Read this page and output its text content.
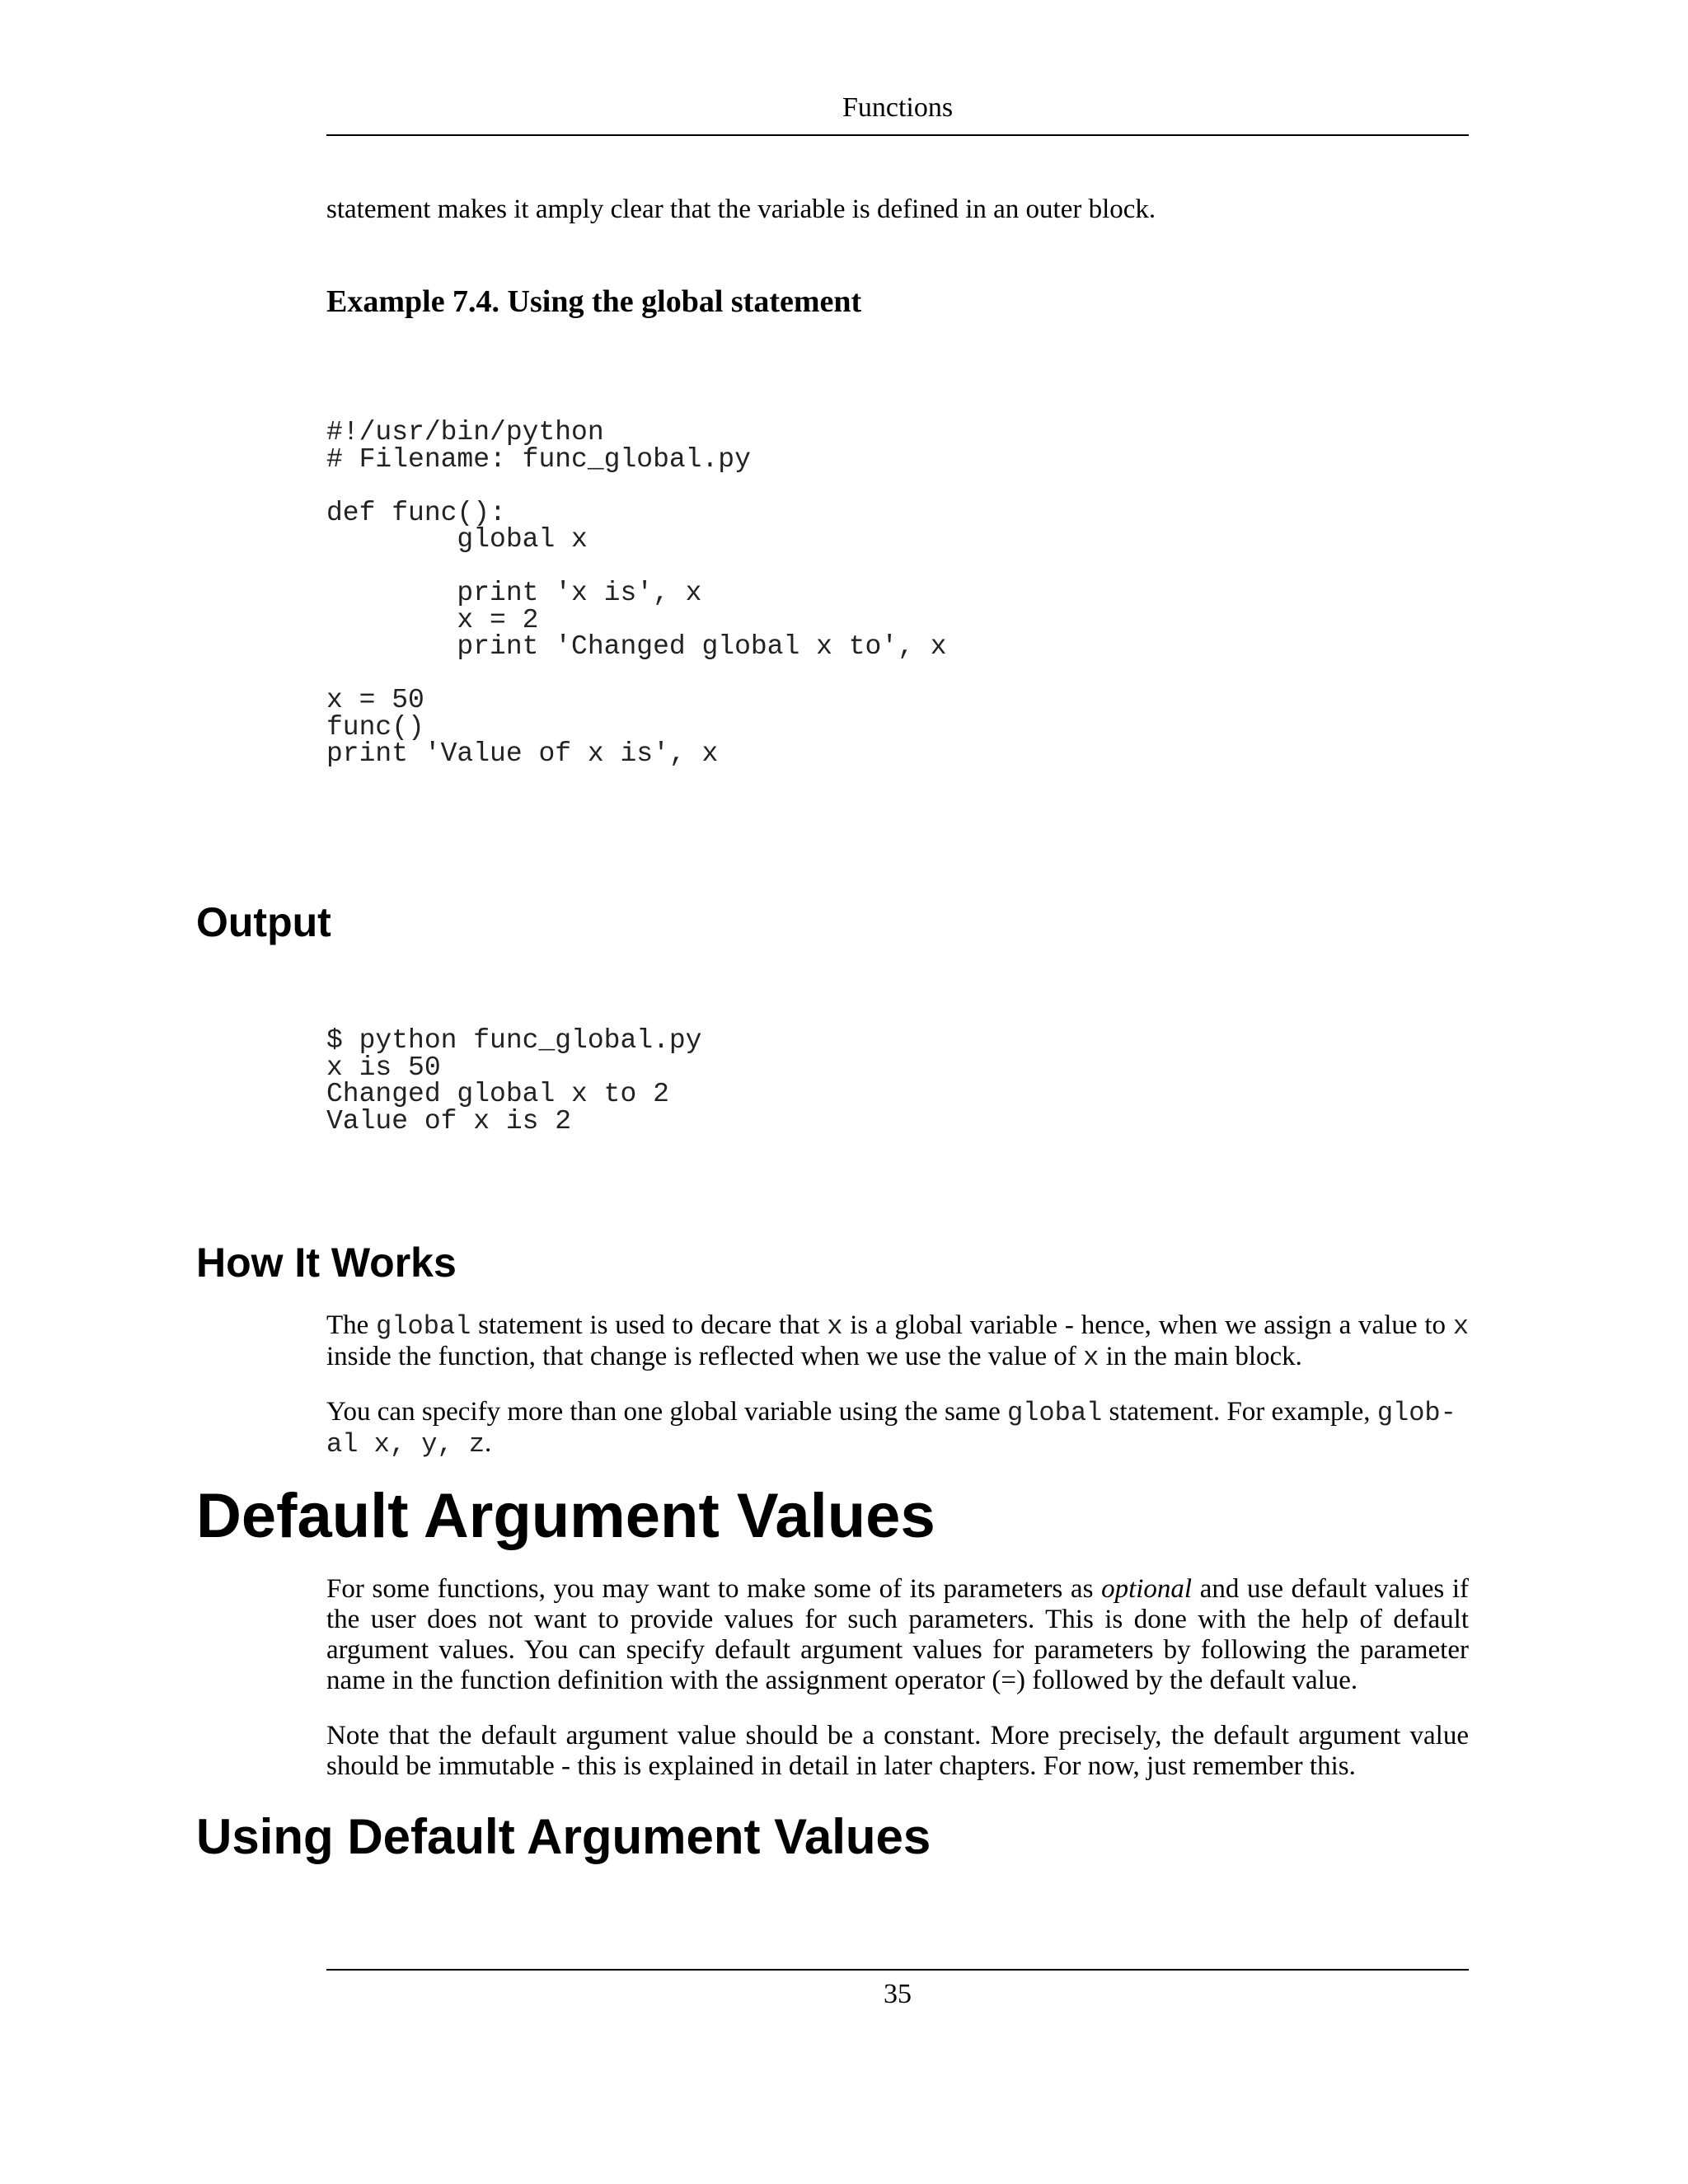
Functions
statement makes it amply clear that the variable is defined in an outer block.
Example 7.4. Using the global statement
#!/usr/bin/python
# Filename: func_global.py

def func():
global x

print 'x is', x
x = 2
print 'Changed global x to', x

x = 50
func()
print 'Value of x is', x
Output
$ python func_global.py
x is 50
Changed global x to 2
Value of x is 2
How It Works
The global statement is used to decare that x is a global variable - hence, when we assign a value to x inside the function, that change is reflected when we use the value of x in the main block.
You can specify more than one global variable using the same global statement. For example, glob-
al x, y, z.
Default Argument Values
For some functions, you may want to make some of its parameters as optional and use default values if the user does not want to provide values for such parameters. This is done with the help of default argument values. You can specify default argument values for parameters by following the parameter name in the function definition with the assignment operator (=) followed by the default value.
Note that the default argument value should be a constant. More precisely, the default argument value should be immutable - this is explained in detail in later chapters. For now, just remember this.
Using Default Argument Values
35
